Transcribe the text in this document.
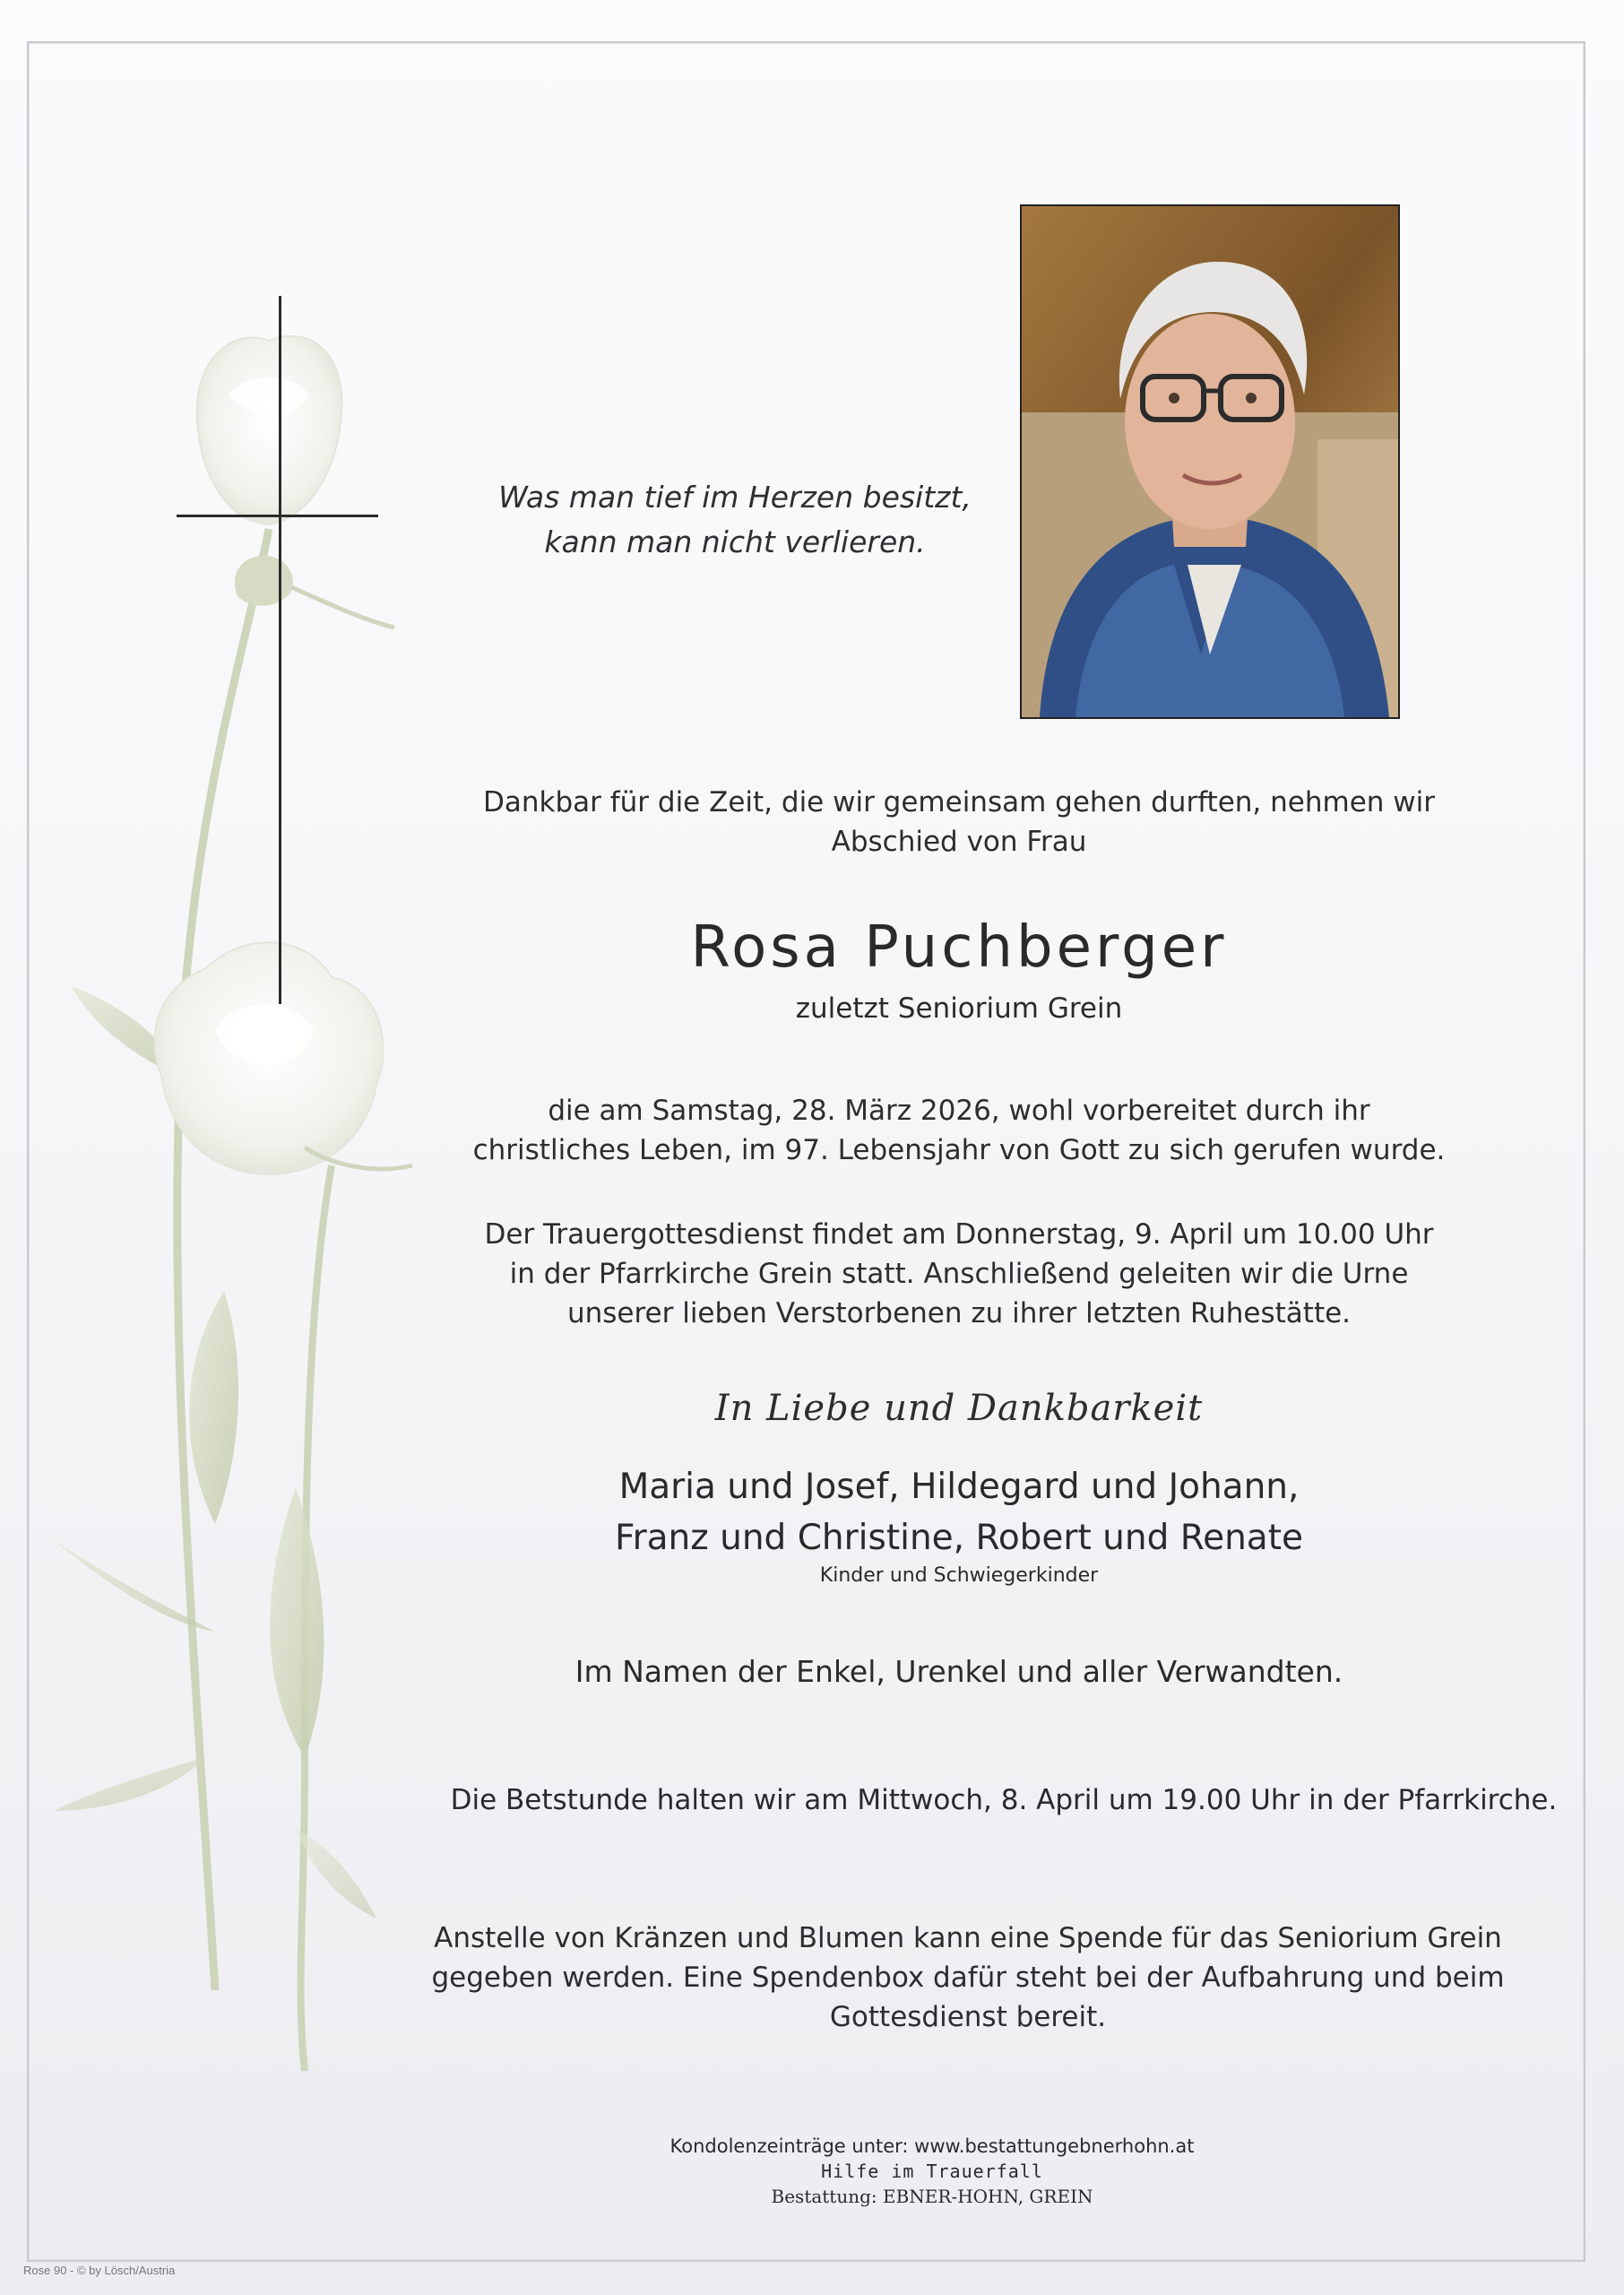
Was man tief im Herzen besitzt,
kann man nicht verlieren.
Dankbar für die Zeit, die wir gemeinsam gehen durften, nehmen wir
Abschied von Frau
Rosa Puchberger
zuletzt Seniorium Grein
die am Samstag, 28. März 2026, wohl vorbereitet durch ihr
christliches Leben, im 97. Lebensjahr von Gott zu sich gerufen wurde.
Der Trauergottesdienst findet am Donnerstag, 9. April um 10.00 Uhr
in der Pfarrkirche Grein statt. Anschließend geleiten wir die Urne
unserer lieben Verstorbenen zu ihrer letzten Ruhestätte.
In Liebe und Dankbarkeit
Maria und Josef, Hildegard und Johann,
Franz und Christine, Robert und Renate
Kinder und Schwiegerkinder
Im Namen der Enkel, Urenkel und aller Verwandten.
Die Betstunde halten wir am Mittwoch, 8. April um 19.00 Uhr in der Pfarrkirche.
Anstelle von Kränzen und Blumen kann eine Spende für das Seniorium Grein
gegeben werden. Eine Spendenbox dafür steht bei der Aufbahrung und beim
Gottesdienst bereit.
Kondolenzeinträge unter: www.bestattungebnerhohn.at
Hilfe im Trauerfall
Bestattung: EBNER-HOHN, GREIN
Rose 90 - © by Lösch/Austria
